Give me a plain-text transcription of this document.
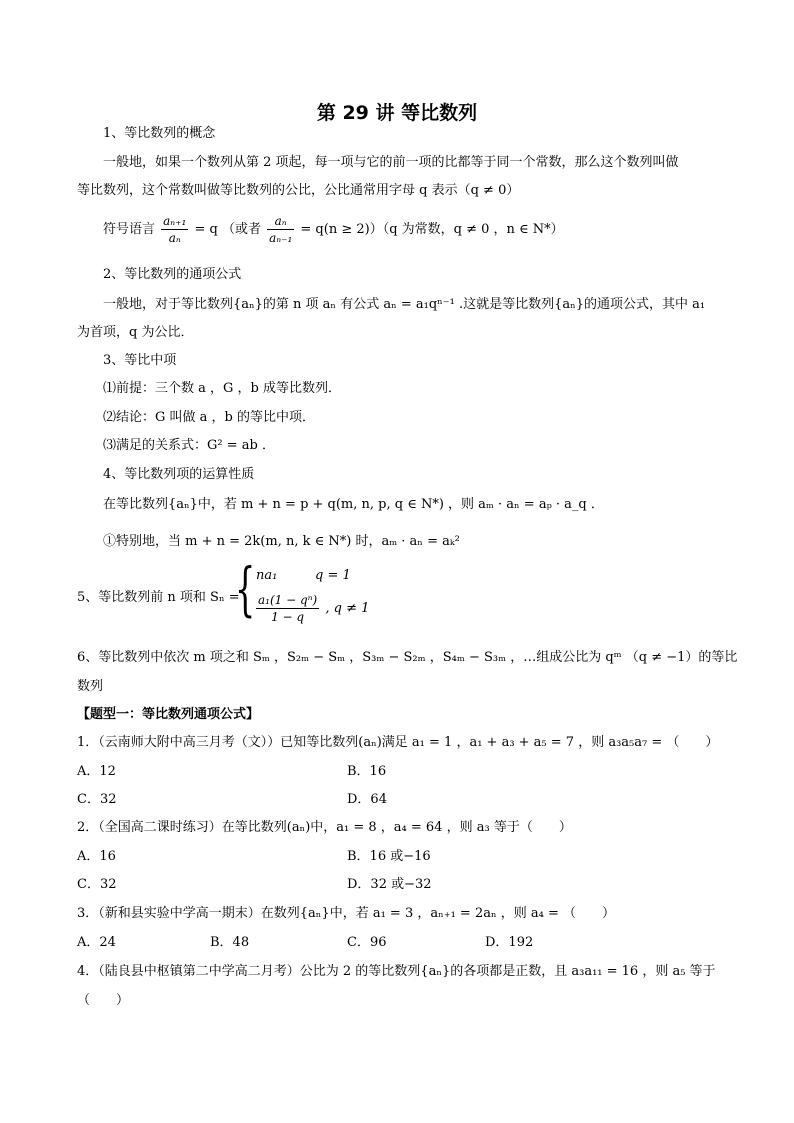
第 29 讲 等比数列
1、等比数列的概念
一般地，如果一个数列从第 2 项起，每一项与它的前一项的比都等于同一个常数，那么这个数列叫做
等比数列，这个常数叫做等比数列的公比，公比通常用字母 q 表示（q ≠ 0）
符号语言 $\frac{\text{aₙ₊₁}}{\text{aₙ}} = q$ （或者 $\frac{\text{aₙ}}{\text{aₙ₋₁}} = q(n \ge 2))(q$ 为常数，q ≠ 0 ，n ∈ N*）
2、等比数列的通项公式
一般地，对于等比数列{aₙ}的第 n 项 aₙ 有公式 aₙ = a₁qⁿ⁻¹ .这就是等比数列{aₙ}的通项公式，其中 a₁
为首项，q 为公比．
3、等比中项
⑴前提：三个数 a ，G ，b 成等比数列．
⑵结论：G 叫做 a ，b 的等比中项．
⑶满足的关系式：G² = ab ．
4、等比数列项的运算性质
在等比数列{aₙ}中，若 m + n = p + q(m, n, p, q ∈ N*) ，则 aₘ · aₙ = aₚ · a_q ．
①特别地，当 m + n = 2k(m, n, k ∈ N*) 时，aₘ · aₙ = aₖ²
5、等比数列前 n 项和 Sₙ =
{ na₁	q = 1
$\frac{\text{a₁(1 − qⁿ)}}{1 - q}$ , q ≠ 1
6、等比数列中依次 m 项之和 Sₘ ，S₂ₘ − Sₘ ，S₃ₘ − S₂ₘ ，S₄ₘ − S₃ₘ ，…组成公比为 qᵐ （q ≠ −1）的等比
数列
【题型一：等比数列通项公式】
1．（云南师大附中高三月考（文））已知等比数列(aₙ)满足 a₁ = 1 ，a₁ + a₃ + a₅ = 7 ，则 a₃a₅a₇ = （　　）
A．12	B．16
C．32	D．64
2．（全国高二课时练习）在等比数列(aₙ)中，a₁ = 8 ，a₄ = 64 ，则 a₃ 等于（　　）
A．16	B．16 或−16
C．32	D．32 或−32
3．（新和县实验中学高一期末）在数列{aₙ}中，若 a₁ = 3 ，aₙ₊₁ = 2aₙ ，则 a₄ = （　　）
A．24	B．48	C．96	D．192
4．（陆良县中枢镇第二中学高二月考）公比为 2 的等比数列{aₙ}的各项都是正数，且 a₃a₁₁ = 16 ，则 a₅ 等于
（　　）
